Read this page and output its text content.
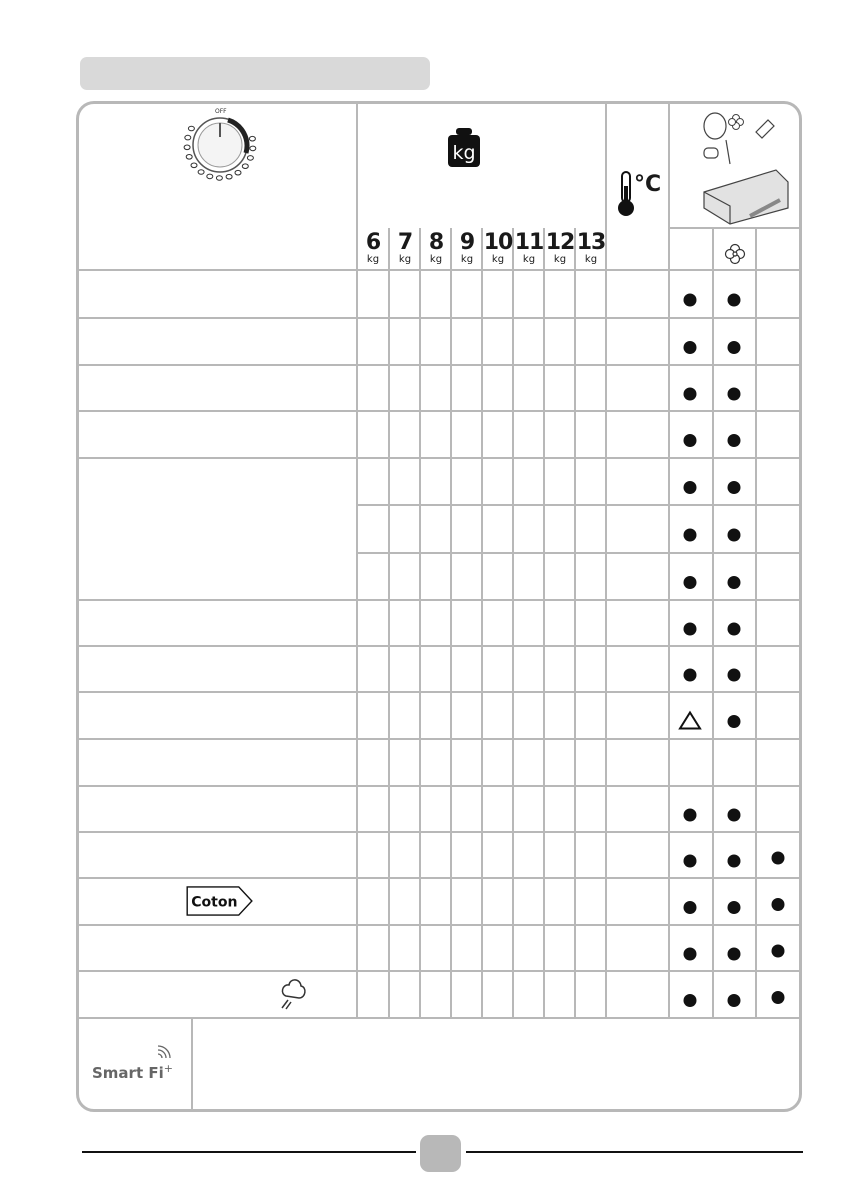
OFF
kg
6
kg
7
kg
8
kg
9
kg
10
kg
11
kg
12
kg
13
kg
°C
Coton
Smart Fi+
